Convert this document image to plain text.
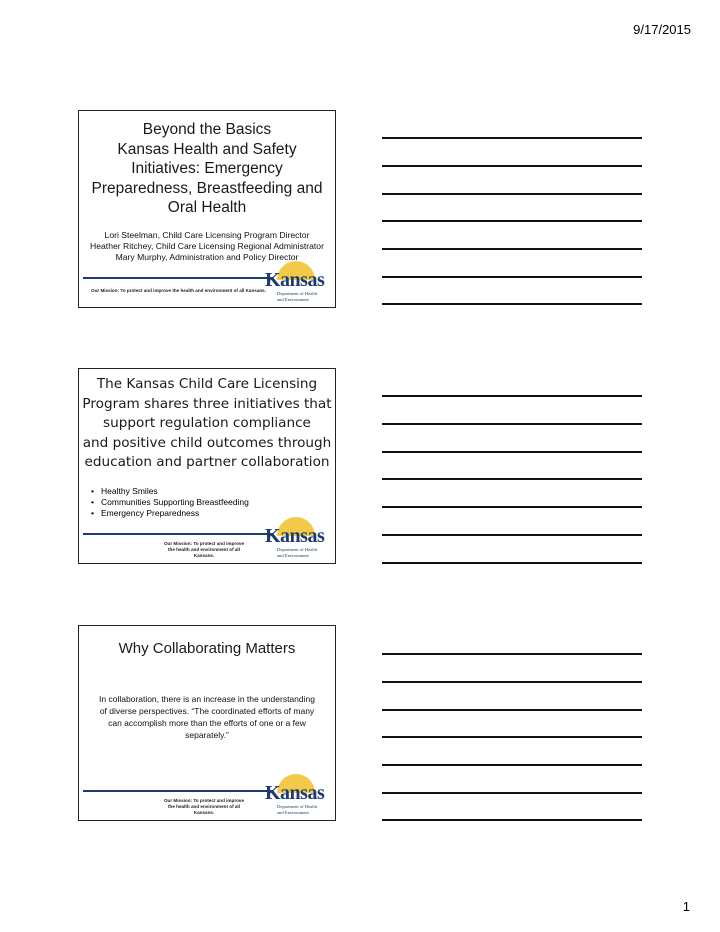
9/17/2015
Beyond the Basics
Kansas Health and Safety
Initiatives: Emergency
Preparedness, Breastfeeding and
Oral Health
Lori Steelman, Child Care Licensing Program Director
Heather Ritchey, Child Care Licensing Regional Administrator
Mary Murphy, Administration and Policy Director
Our Mission: To protect and improve the health and environment of all Kansans.
Kansas
Department of Health
and Environment
The Kansas Child Care Licensing
Program shares three initiatives that
support regulation compliance
and positive child outcomes through
education and partner collaboration
• Healthy Smiles
• Communities Supporting Breastfeeding
• Emergency Preparedness
Our Mission: To protect and improve
the health and environment of all
Kansans.
Kansas
Department of Health
and Environment
Why Collaborating Matters
In collaboration, there is an increase in the understanding of diverse perspectives. “The coordinated efforts of many can accomplish more than the efforts of one or a few separately.”
Our Mission: To protect and improve
the health and environment of all
Kansans.
Kansas
Department of Health
and Environment
1
